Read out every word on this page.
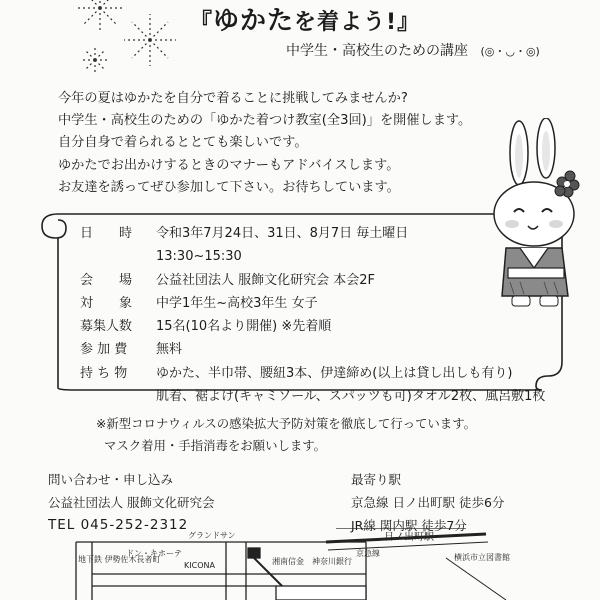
『ゆかたを着よう!』
中学生・高校生のための講座 (◎・◡・◎)
今年の夏はゆかたを自分で着ることに挑戦してみませんか?
中学生・高校生のための「ゆかた着つけ教室(全3回)」を開催します。
自分自身で着られるととても楽しいです。
ゆかたでお出かけするときのマナーもアドバイスします。
お友達を誘ってぜひ参加して下さい。お待ちしています。
日　　時	令和3年7月24日、31日、8月7日 毎土曜日
13:30~15:30
会　　場	公益社団法人 服飾文化研究会 本会2F
対　　象	中学1年生~高校3年生 女子
募集人数	15名(10名より開催) ※先着順
参 加 費	無料
持 ち 物	ゆかた、半巾帯、腰紐3本、伊達締め(以上は貸し出しも有り)
肌着、裾よけ(キャミソール、スパッツも可)タオル2枚、風呂敷1枚
※新型コロナウィルスの感染拡大予防対策を徹底して行っています。
マスク着用・手指消毒をお願いします。
問い合わせ・申し込み
公益社団法人 服飾文化研究会
TEL 045-252-2312
最寄り駅
京急線 日ノ出町駅 徒歩6分
JR線 関内駅 徒歩7分
地下鉄 伊勢佐木長者町
ドン・キホーテ
グランドサン
KICONA	湘南信金 神奈川銀行
日ノ出町駅
京急線	横浜市立図書館
